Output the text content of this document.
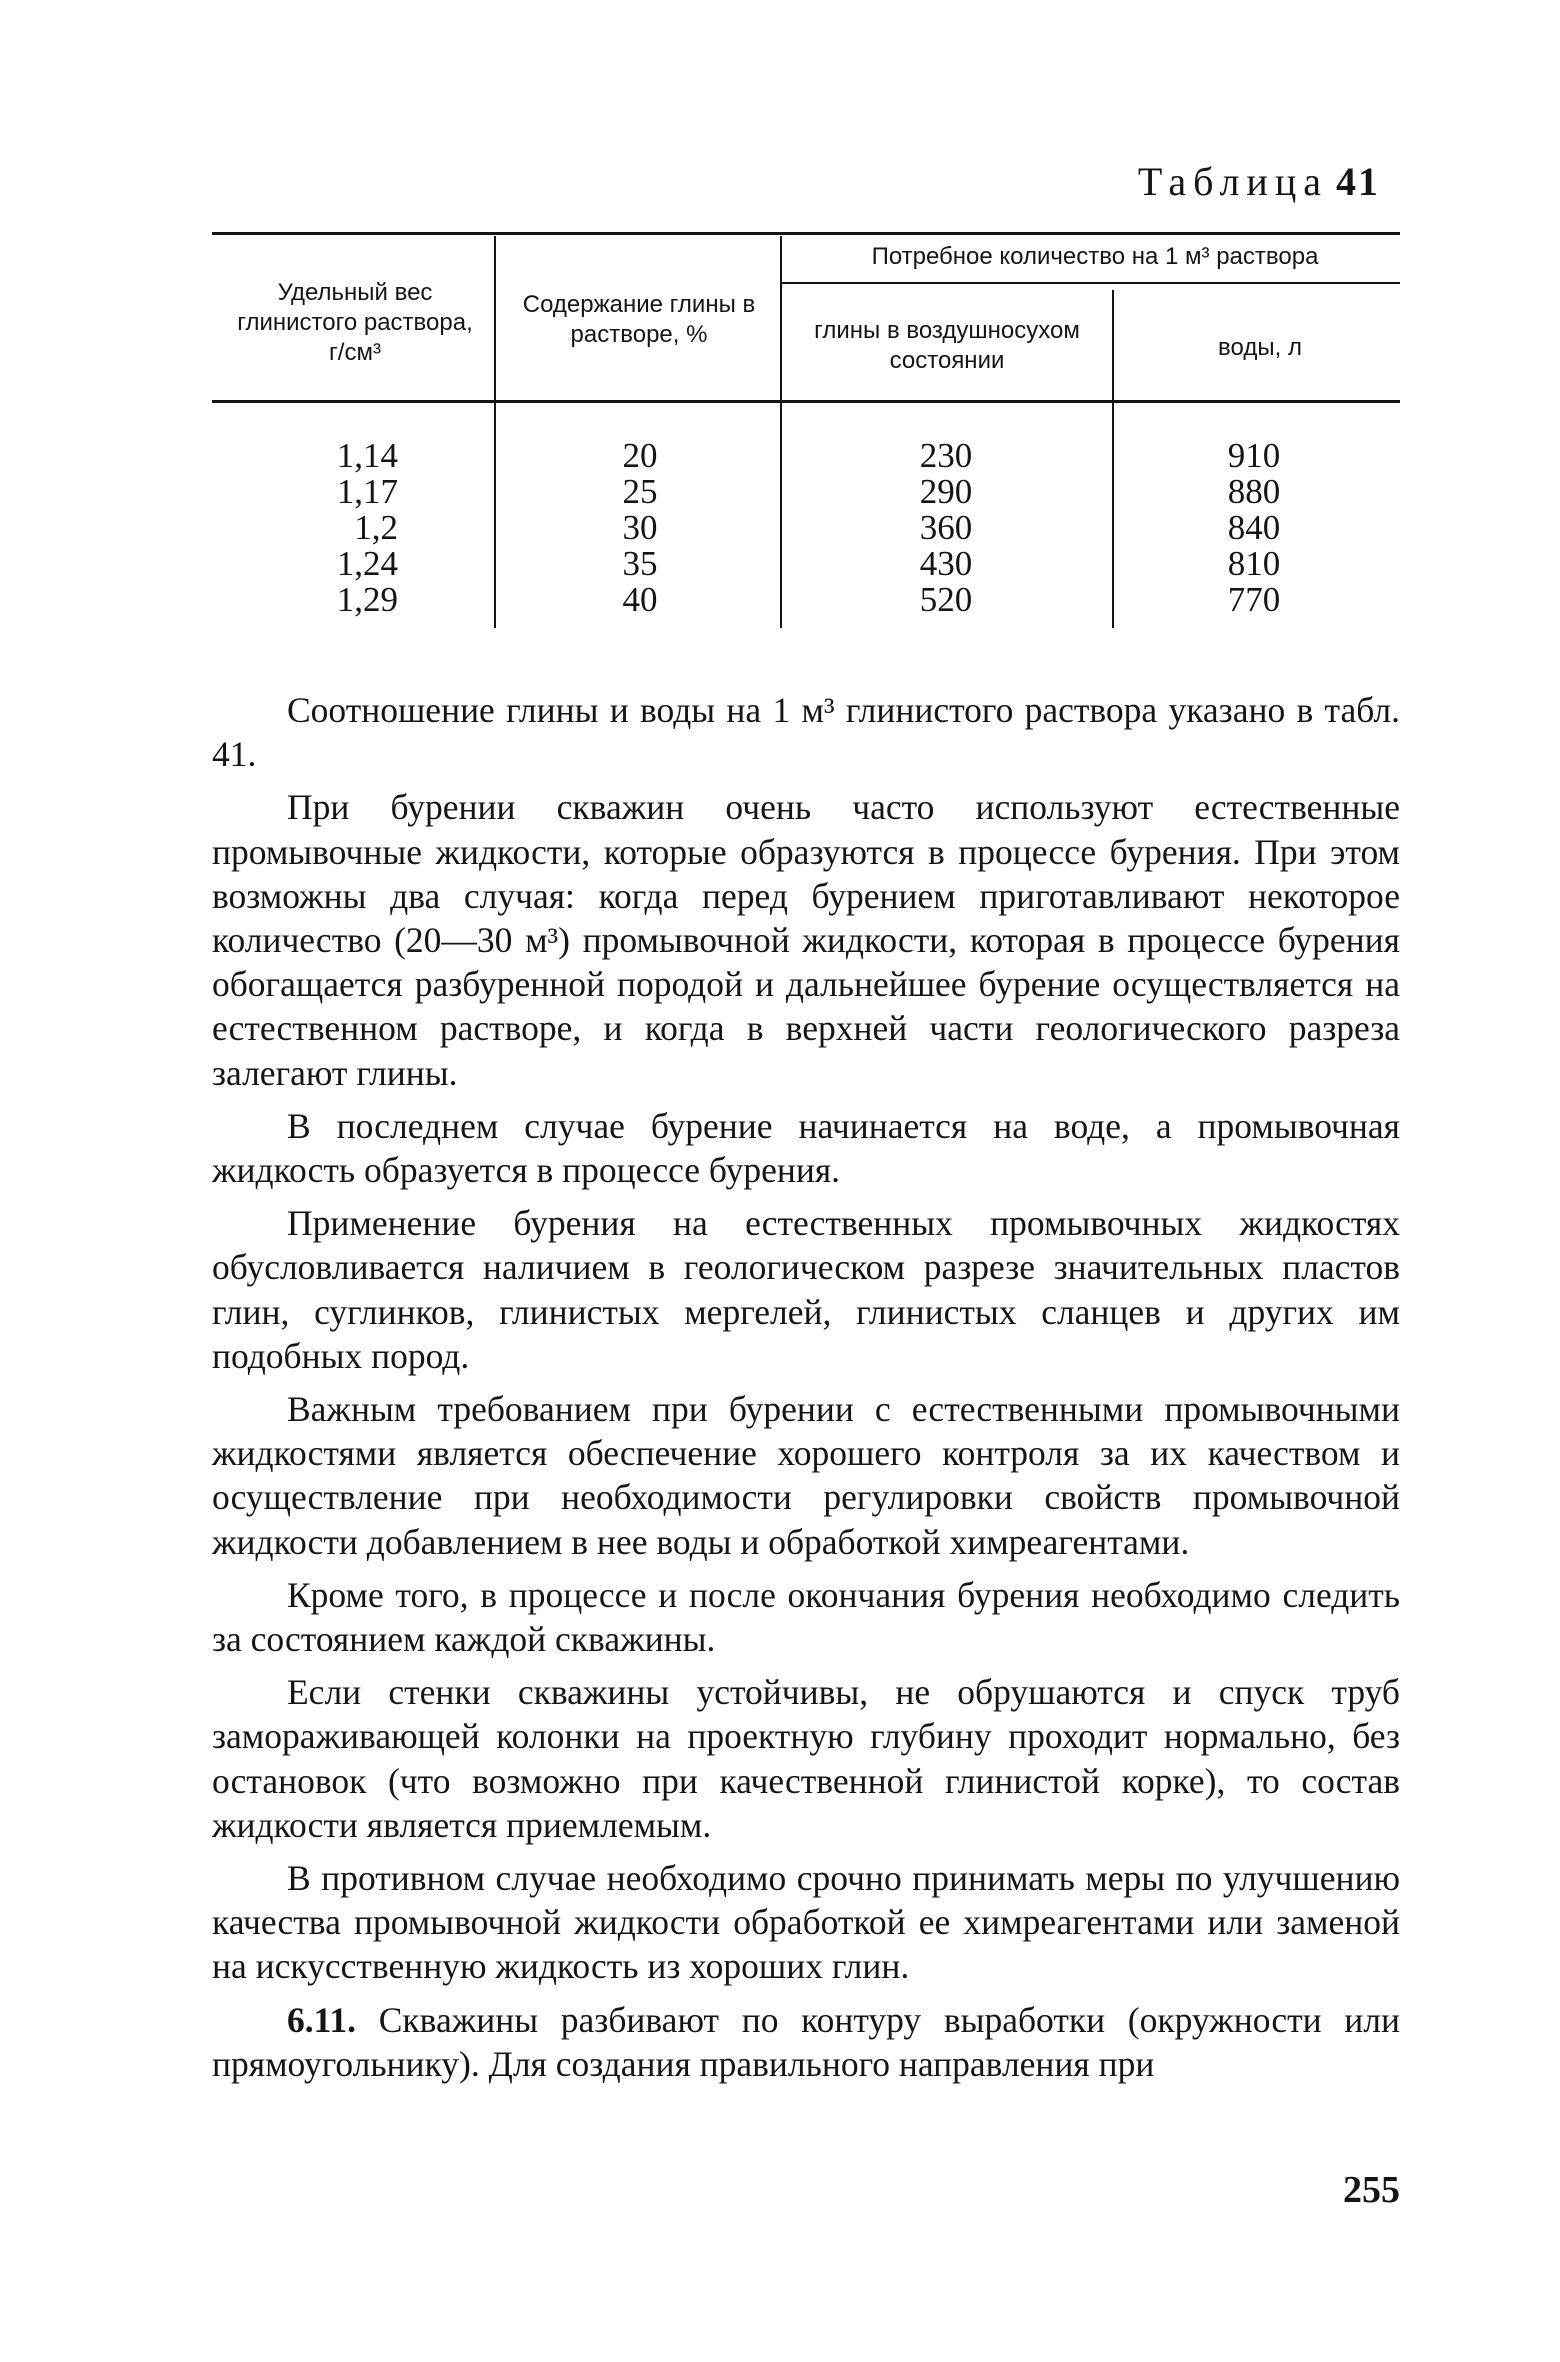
Таблица 41
Удельный вес глинистого раствора, г/см³
Содержание глины в растворе, %
Потребное количество на 1 м³ раствора
глины в воздушносухом состоянии	воды, л
1,14
1,17
1,2
1,24
1,29
20
25
30
35
40
230
290
360
430
520
910
880
840
810
770

Соотношение глины и воды на 1 м³ глинистого раствора указано в табл. 41.

При бурении скважин очень часто используют естественные промывочные жидкости, которые образуются в процессе бурения. При этом возможны два случая: когда перед бурением приготавливают некоторое количество (20—30 м³) промывочной жидкости, которая в процессе бурения обогащается разбуренной породой и дальнейшее бурение осуществляется на естественном растворе, и когда в верхней части геологического разреза залегают глины.

В последнем случае бурение начинается на воде, а промывочная жидкость образуется в процессе бурения.

Применение бурения на естественных промывочных жидкостях обусловливается наличием в геологическом разрезе значительных пластов глин, суглинков, глинистых мергелей, глинистых сланцев и других им подобных пород.

Важным требованием при бурении с естественными промывочными жидкостями является обеспечение хорошего контроля за их качеством и осуществление при необходимости регулировки свойств промывочной жидкости добавлением в нее воды и обработкой химреагентами.

Кроме того, в процессе и после окончания бурения необходимо следить за состоянием каждой скважины.

Если стенки скважины устойчивы, не обрушаются и спуск труб замораживающей колонки на проектную глубину проходит нормально, без остановок (что возможно при качественной глинистой корке), то состав жидкости является приемлемым.

В противном случае необходимо срочно принимать меры по улучшению качества промывочной жидкости обработкой ее химреагентами или заменой на искусственную жидкость из хороших глин.

6.11. Скважины разбивают по контуру выработки (окружности или прямоугольнику). Для создания правильного направления при

255
